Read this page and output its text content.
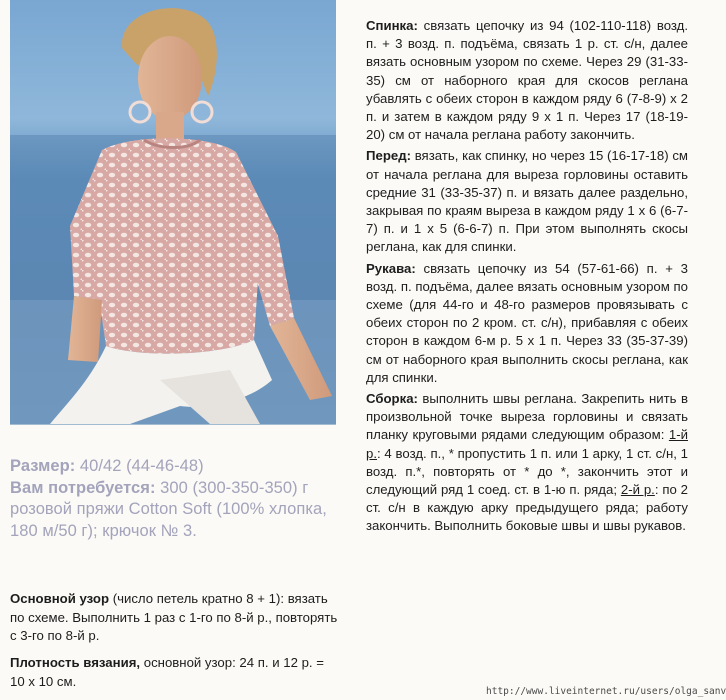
Размер: 40/42 (44-46-48)
Вам потребуется: 300 (300-350-350) г розовой пряжи Cotton Soft (100% хлопка, 180 м/50 г); крючок № 3.
Основной узор (число петель кратно 8 + 1): вязать по схеме. Выполнить 1 раз с 1-го по 8-й р., повторять с 3-го по 8-й р.
Плотность вязания, основной узор: 24 п. и 12 р. = 10 х 10 см.

Спинка: связать цепочку из 94 (102-110-118) возд. п. + 3 возд. п. подъёма, связать 1 р. ст. с/н, далее вязать основным узором по схеме. Через 29 (31-33-35) см от наборного края для скосов реглана убавлять с обеих сторон в каждом ряду 6 (7-8-9) х 2 п. и затем в каждом ряду 9 х 1 п. Через 17 (18-19-20) см от начала реглана работу закончить.

Перед: вязать, как спинку, но через 15 (16-17-18) см от начала реглана для выреза горловины оставить средние 31 (33-35-37) п. и вязать далее раздельно, закрывая по краям выреза в каждом ряду 1 х 6 (6-7-7) п. и 1 х 5 (6-6-7) п. При этом выполнять скосы реглана, как для спинки.

Рукава: связать цепочку из 54 (57-61-66) п. + 3 возд. п. подъёма, далее вязать основным узором по схеме (для 44-го и 48-го размеров провязывать с обеих сторон по 2 кром. ст. с/н), прибавляя с обеих сторон в каждом 6-м р. 5 х 1 п. Через 33 (35-37-39) см от наборного края выполнить скосы реглана, как для спинки.

Сборка: выполнить швы реглана. Закрепить нить в произвольной точке выреза горловины и связать планку круговыми рядами следующим образом: 1-й р.: 4 возд. п., * пропустить 1 п. или 1 арку, 1 ст. с/н, 1 возд. п.*, повторять от * до *, закончить этот и следующий ряд 1 соед. ст. в 1-ю п. ряда; 2-й р.: по 2 ст. с/н в каждую арку предыдущего ряда; работу закончить. Выполнить боковые швы и швы рукавов.

http://www.liveinternet.ru/users/olga_sanv
